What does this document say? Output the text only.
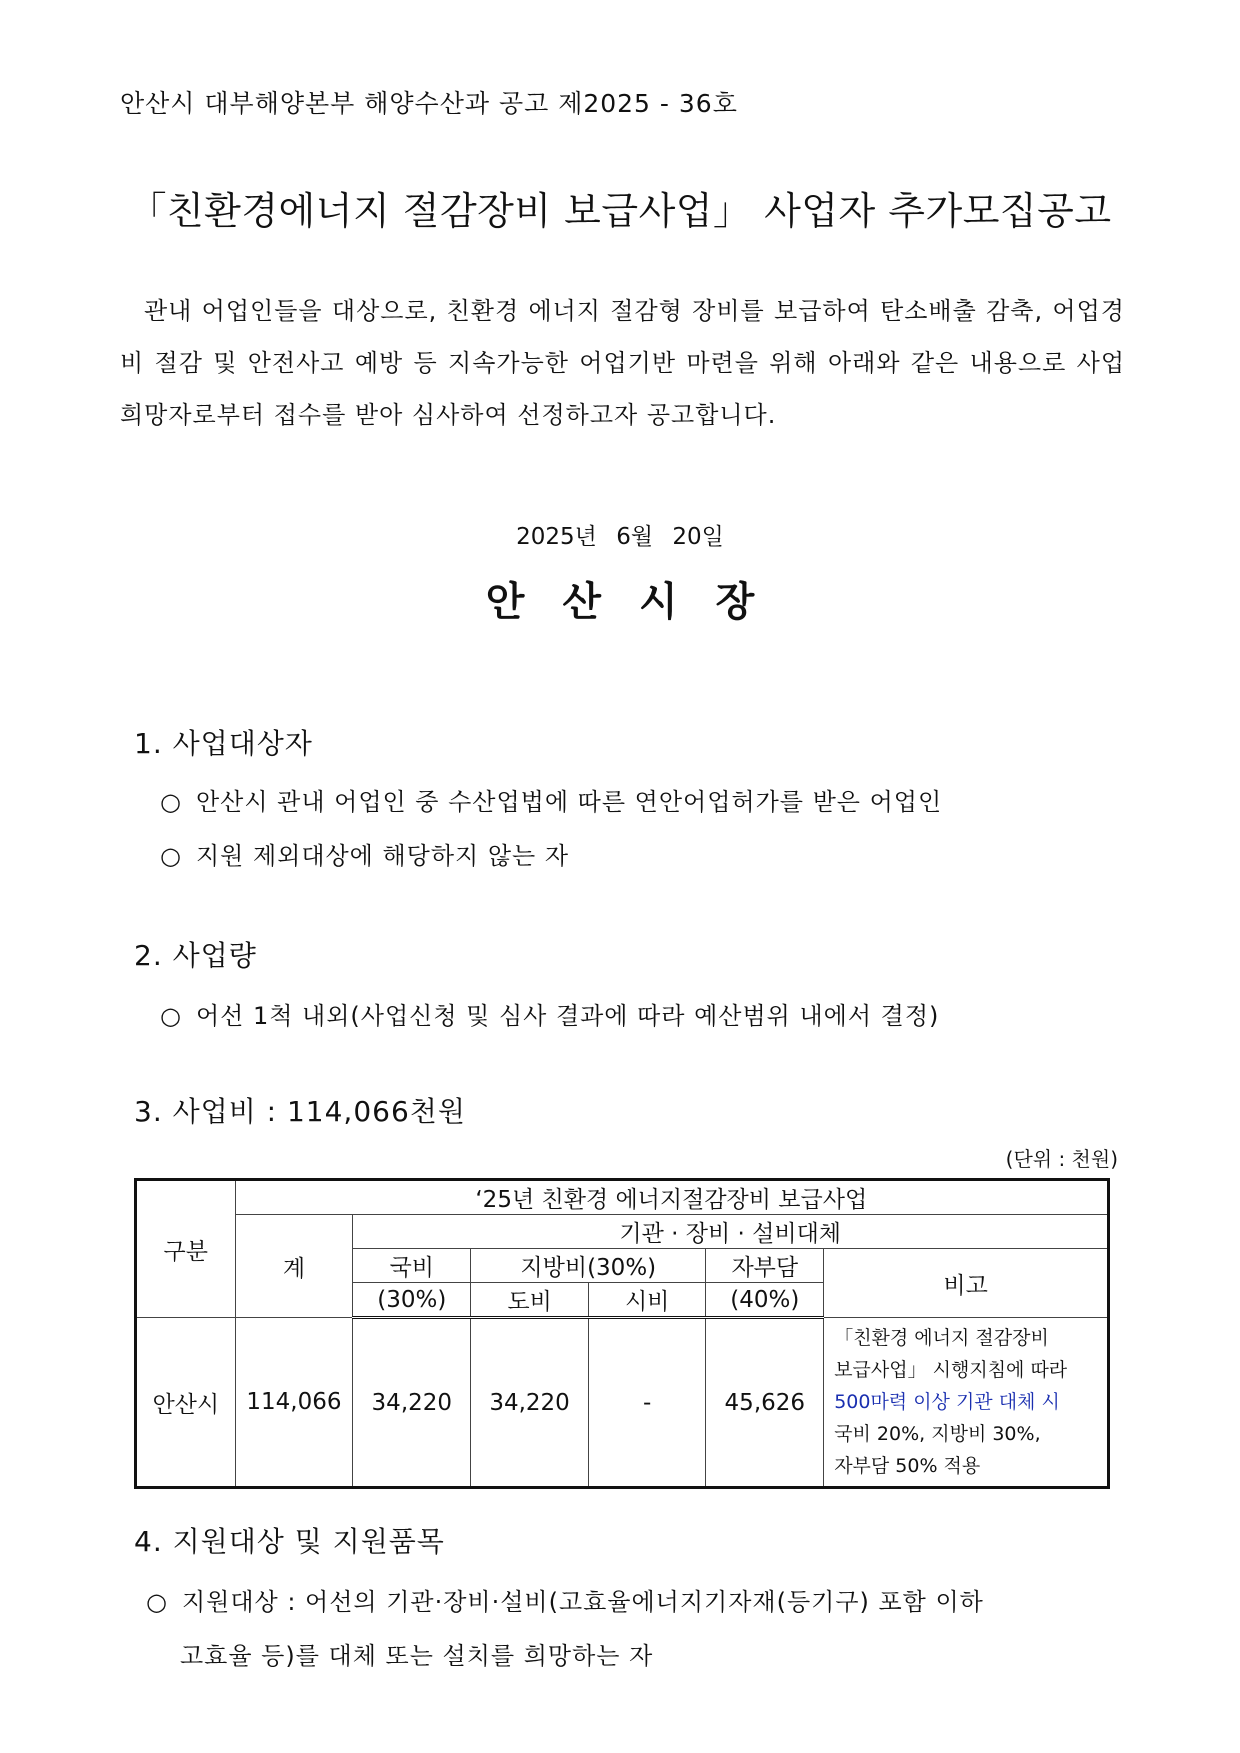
안산시 대부해양본부 해양수산과 공고 제2025 - 36호
「친환경에너지 절감장비 보급사업」 사업자 추가모집공고
관내 어업인들을 대상으로, 친환경 에너지 절감형 장비를 보급하여 탄소배출 감축, 어업경비 절감 및 안전사고 예방 등 지속가능한 어업기반 마련을 위해 아래와 같은 내용으로 사업 희망자로부터 접수를 받아 심사하여 선정하고자 공고합니다.
2025년 6월 20일
안산시장
1. 사업대상자
○ 안산시 관내 어업인 중 수산업법에 따른 연안어업허가를 받은 어업인
○ 지원 제외대상에 해당하지 않는 자
2. 사업량
○ 어선 1척 내외(사업신청 및 심사 결과에 따라 예산범위 내에서 결정)
3. 사업비 : 114,066천원
(단위 : 천원)
구분	‘25년 친환경 에너지절감장비 보급사업					
	계	기관 · 장비 · 설비대체				
		국비	지방비(30%)		자부담	비고
		(30%)	도비	시비	(40%)	
안산시	114,066	34,220	34,220	-	45,626	「친환경 에너지 절감장비
보급사업」 시행지침에 따라
500마력 이상 기관 대체 시
국비 20%, 지방비 30%,
자부담 50% 적용
4. 지원대상 및 지원품목
○ 지원대상 : 어선의 기관·장비·설비(고효율에너지기자재(등기구) 포함 이하
고효율 등)를 대체 또는 설치를 희망하는 자
